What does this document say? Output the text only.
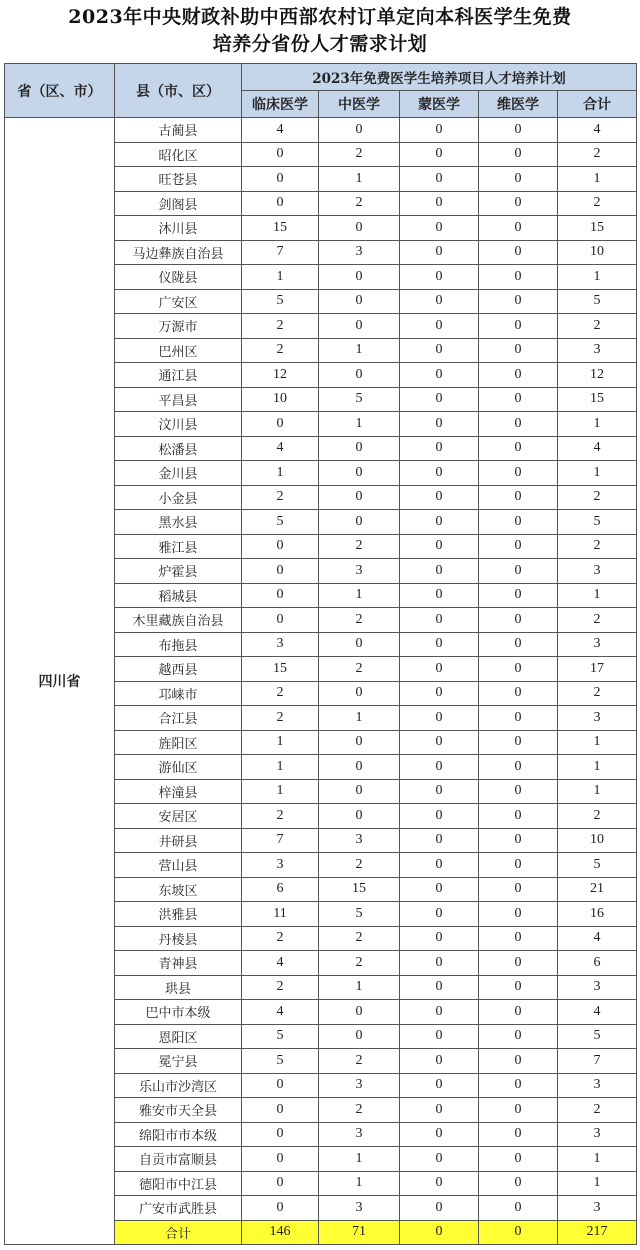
2023年中央财政补助中西部农村订单定向本科医学生免费
培养分省份人才需求计划
省（区、市）	县（市、区）	2023年免费医学生培养项目人才培养计划				
		临床医学	中医学	蒙医学	维医学	合计
四川省	古蔺县	4	0	0	0	4
	昭化区	0	2	0	0	2
	旺苍县	0	1	0	0	1
	剑阁县	0	2	0	0	2
	沐川县	15	0	0	0	15
	马边彝族自治县	7	3	0	0	10
	仪陇县	1	0	0	0	1
	广安区	5	0	0	0	5
	万源市	2	0	0	0	2
	巴州区	2	1	0	0	3
	通江县	12	0	0	0	12
	平昌县	10	5	0	0	15
	汶川县	0	1	0	0	1
	松潘县	4	0	0	0	4
	金川县	1	0	0	0	1
	小金县	2	0	0	0	2
	黑水县	5	0	0	0	5
	雅江县	0	2	0	0	2
	炉霍县	0	3	0	0	3
	稻城县	0	1	0	0	1
	木里藏族自治县	0	2	0	0	2
	布拖县	3	0	0	0	3
	越西县	15	2	0	0	17
	邛崃市	2	0	0	0	2
	合江县	2	1	0	0	3
	旌阳区	1	0	0	0	1
	游仙区	1	0	0	0	1
	梓潼县	1	0	0	0	1
	安居区	2	0	0	0	2
	井研县	7	3	0	0	10
	营山县	3	2	0	0	5
	东坡区	6	15	0	0	21
	洪雅县	11	5	0	0	16
	丹棱县	2	2	0	0	4
	青神县	4	2	0	0	6
	珙县	2	1	0	0	3
	巴中市本级	4	0	0	0	4
	恩阳区	5	0	0	0	5
	冕宁县	5	2	0	0	7
	乐山市沙湾区	0	3	0	0	3
	雅安市天全县	0	2	0	0	2
	绵阳市市本级	0	3	0	0	3
	自贡市富顺县	0	1	0	0	1
	德阳市中江县	0	1	0	0	1
	广安市武胜县	0	3	0	0	3
	合计	146	71	0	0	217
